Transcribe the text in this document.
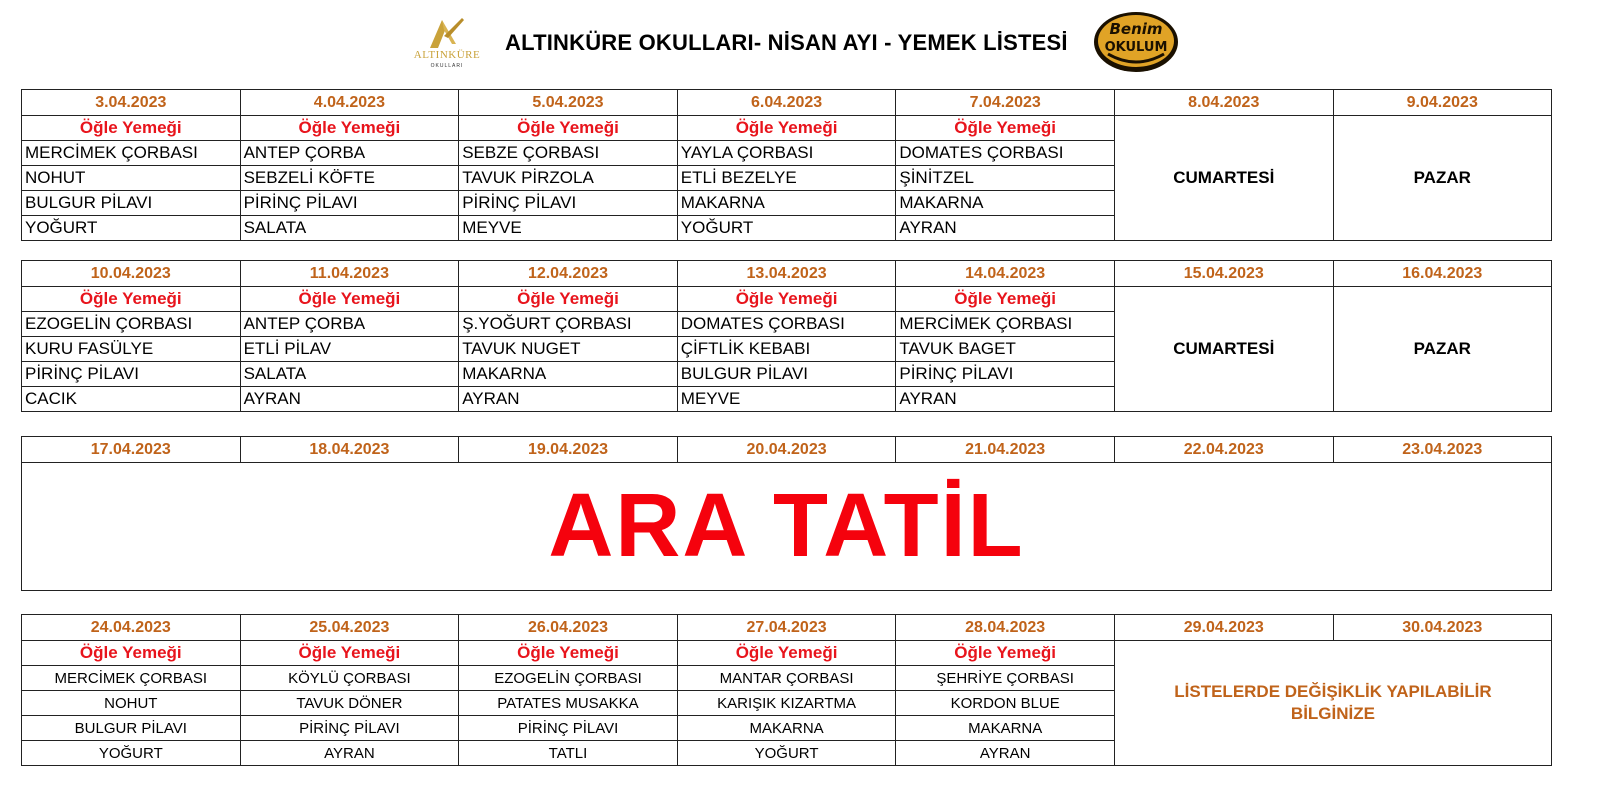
ALTINKÜRE
OKULLARI
ALTINKÜRE OKULLARI- NİSAN AYI - YEMEK LİSTESİ
Benim
OKULUM
3.04.2023	4.04.2023	5.04.2023	6.04.2023	7.04.2023	8.04.2023	9.04.2023
Öğle Yemeği	Öğle Yemeği	Öğle Yemeği	Öğle Yemeği	Öğle Yemeği	CUMARTESİ	PAZAR
MERCİMEK ÇORBASI	ANTEP ÇORBA	SEBZE ÇORBASI	YAYLA ÇORBASI	DOMATES ÇORBASI		
NOHUT	SEBZELİ KÖFTE	TAVUK PİRZOLA	ETLİ BEZELYE	ŞİNİTZEL		
BULGUR PİLAVI	PİRİNÇ PİLAVI	PİRİNÇ PİLAVI	MAKARNA	MAKARNA		
YOĞURT	SALATA	MEYVE	YOĞURT	AYRAN		
10.04.2023	11.04.2023	12.04.2023	13.04.2023	14.04.2023	15.04.2023	16.04.2023
Öğle Yemeği	Öğle Yemeği	Öğle Yemeği	Öğle Yemeği	Öğle Yemeği	CUMARTESİ	PAZAR
EZOGELİN ÇORBASI	ANTEP ÇORBA	Ş.YOĞURT ÇORBASI	DOMATES ÇORBASI	MERCİMEK ÇORBASI		
KURU FASÜLYE	ETLİ PİLAV	TAVUK NUGET	ÇİFTLİK KEBABI	TAVUK BAGET		
PİRİNÇ PİLAVI	SALATA	MAKARNA	BULGUR PİLAVI	PİRİNÇ PİLAVI		
CACIK	AYRAN	AYRAN	MEYVE	AYRAN		
17.04.2023	18.04.2023	19.04.2023	20.04.2023	21.04.2023	22.04.2023	23.04.2023
ARA TATİL
24.04.2023	25.04.2023	26.04.2023	27.04.2023	28.04.2023	29.04.2023	30.04.2023
Öğle Yemeği	Öğle Yemeği	Öğle Yemeği	Öğle Yemeği	Öğle Yemeği	LİSTELERDE DEĞİŞİKLİK YAPILABİLİR
BİLGİNİZE	

MERCİMEK ÇORBASI	KÖYLÜ ÇORBASI	EZOGELİN ÇORBASI	MANTAR ÇORBASI	ŞEHRİYE ÇORBASI		
NOHUT	TAVUK DÖNER	PATATES MUSAKKA	KARIŞIK KIZARTMA	KORDON BLUE		
BULGUR PİLAVI	PİRİNÇ PİLAVI	PİRİNÇ PİLAVI	MAKARNA	MAKARNA		
YOĞURT	AYRAN	TATLI	YOĞURT	AYRAN		
